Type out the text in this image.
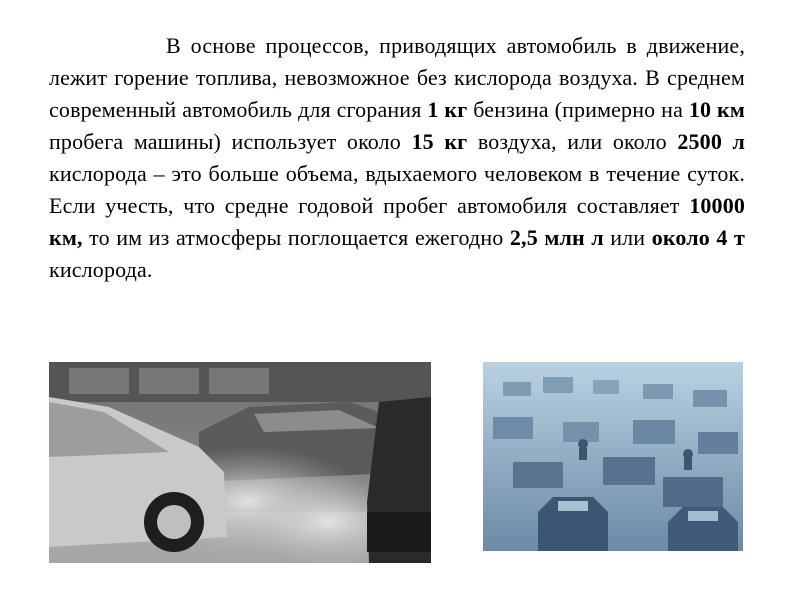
В основе процессов, приводящих автомобиль в движение, лежит горение топлива, невозможное без кислорода воздуха. В среднем современный автомобиль для сгорания 1 кг бензина (примерно на 10 км пробега машины) использует около 15 кг воздуха, или около 2500 л кислорода – это больше объема, вдыхаемого человеком в течение суток. Если учесть, что средне годовой пробег автомобиля составляет 10000 км, то им из атмосферы поглощается ежегодно 2,5 млн л или около 4 т кислорода.
